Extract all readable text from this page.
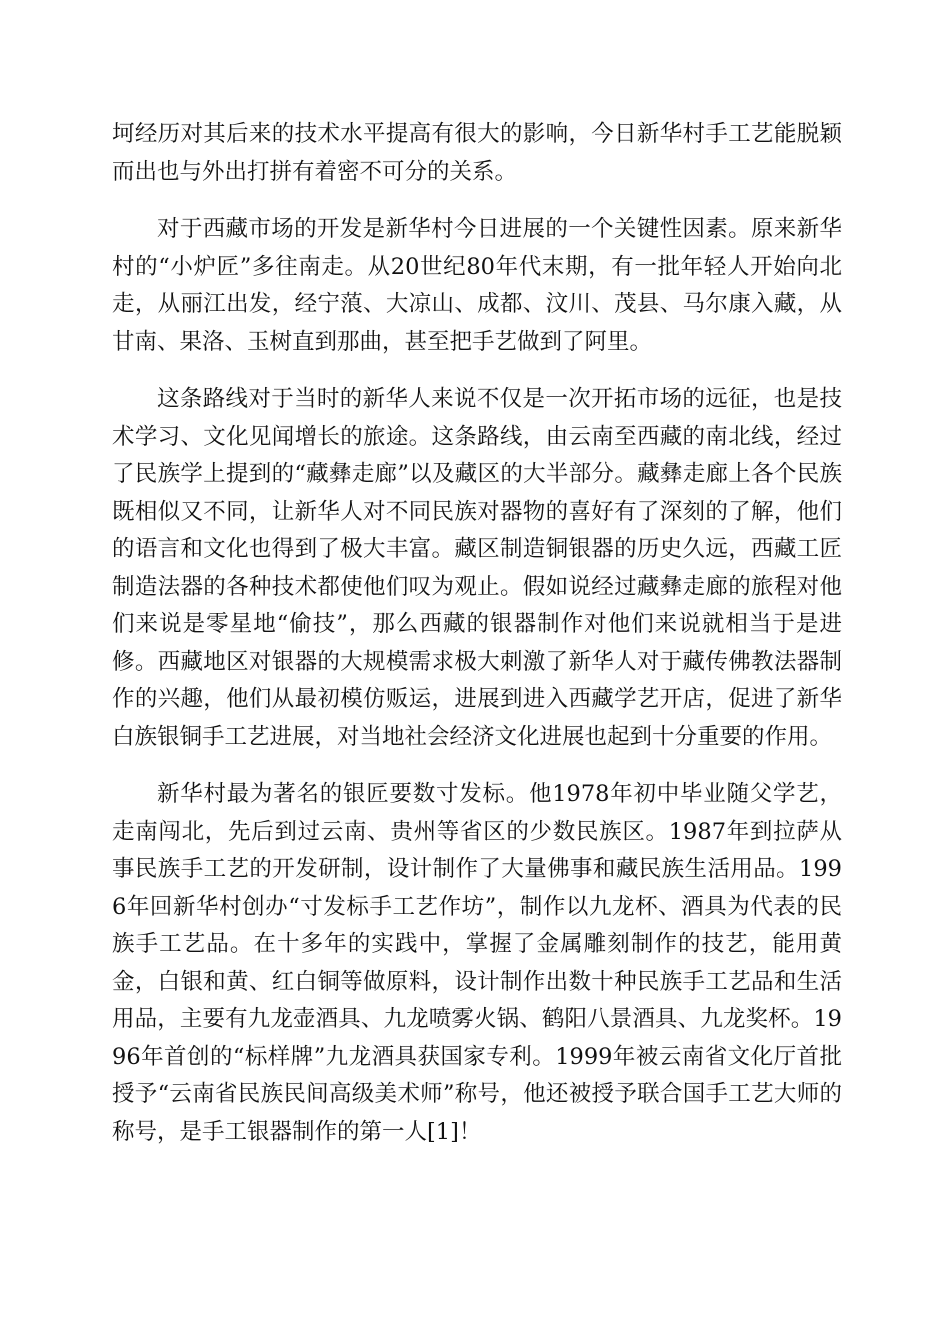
坷经历对其后来的技术水平提高有很大的影响，今日新华村手工艺能脱颖而出也与外出打拼有着密不可分的关系。

对于西藏市场的开发是新华村今日进展的一个关键性因素。原来新华村的“小炉匠”多往南走。从20世纪80年代末期，有一批年轻人开始向北走，从丽江出发，经宁蒗、大凉山、成都、汶川、茂县、马尔康入藏，从甘南、果洛、玉树直到那曲，甚至把手艺做到了阿里。

这条路线对于当时的新华人来说不仅是一次开拓市场的远征，也是技术学习、文化见闻增长的旅途。这条路线，由云南至西藏的南北线，经过了民族学上提到的“藏彝走廊”以及藏区的大半部分。藏彝走廊上各个民族既相似又不同，让新华人对不同民族对器物的喜好有了深刻的了解，他们的语言和文化也得到了极大丰富。藏区制造铜银器的历史久远，西藏工匠制造法器的各种技术都使他们叹为观止。假如说经过藏彝走廊的旅程对他们来说是零星地“偷技”，那么西藏的银器制作对他们来说就相当于是进修。西藏地区对银器的大规模需求极大刺激了新华人对于藏传佛教法器制作的兴趣，他们从最初模仿贩运，进展到进入西藏学艺开店，促进了新华白族银铜手工艺进展，对当地社会经济文化进展也起到十分重要的作用。

新华村最为著名的银匠要数寸发标。他1978年初中毕业随父学艺，走南闯北，先后到过云南、贵州等省区的少数民族区。1987年到拉萨从事民族手工艺的开发研制，设计制作了大量佛事和藏民族生活用品。1996年回新华村创办“寸发标手工艺作坊”，制作以九龙杯、酒具为代表的民族手工艺品。在十多年的实践中，掌握了金属雕刻制作的技艺，能用黄金，白银和黄、红白铜等做原料，设计制作出数十种民族手工艺品和生活用品，主要有九龙壶酒具、九龙喷雾火锅、鹤阳八景酒具、九龙奖杯。1996年首创的“标样牌”九龙酒具获国家专利。1999年被云南省文化厅首批授予“云南省民族民间高级美术师”称号，他还被授予联合国手工艺大师的称号，是手工银器制作的第一人[1]！
